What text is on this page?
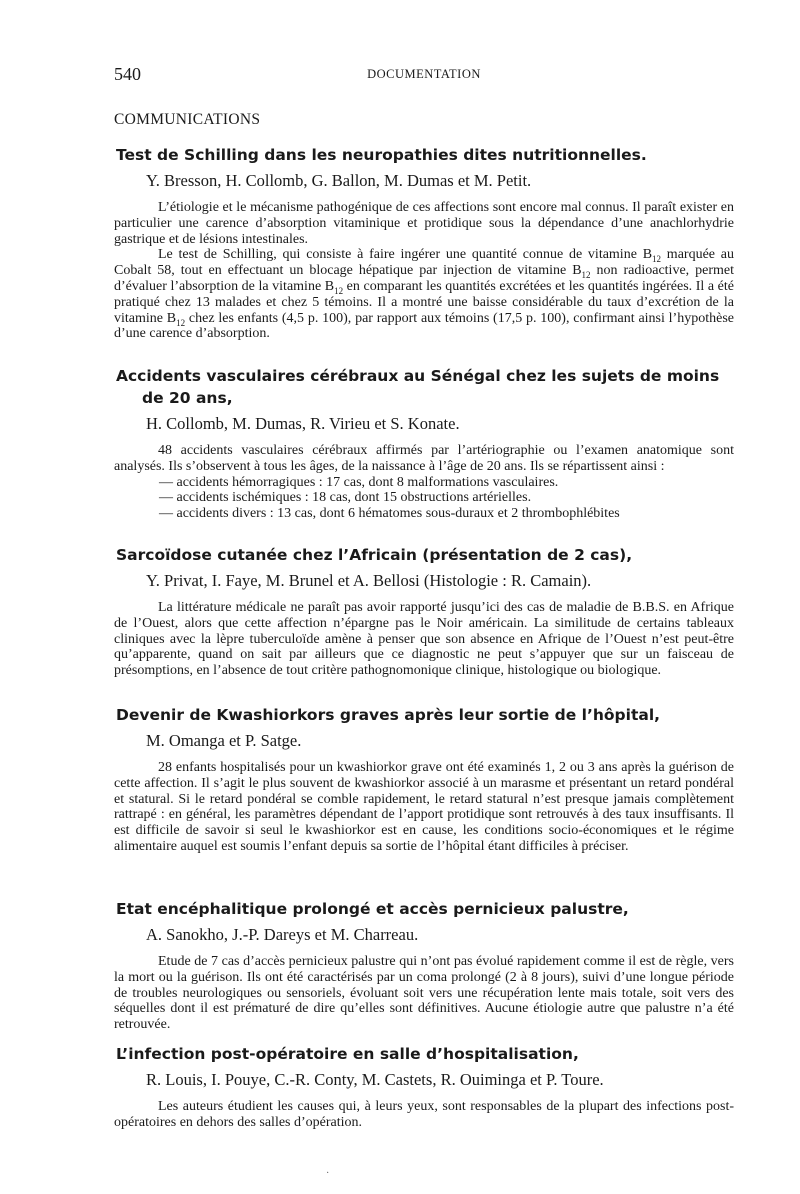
540	DOCUMENTATION
COMMUNICATIONS
Test de Schilling dans les neuropathies dites nutritionnelles.
Y. Bresson, H. Collomb, G. Ballon, M. Dumas et M. Petit.

L’étiologie et le mécanisme pathogénique de ces affections sont encore mal connus. Il paraît exister en particulier une carence d’absorption vitaminique et protidique sous la dépendance d’une anachlorhydrie gastrique et de lésions intestinales.

Le test de Schilling, qui consiste à faire ingérer une quantité connue de vitamine $B_{12}$ marquée au Cobalt 58, tout en effectuant un blocage hépatique par injection de vitamine $B_{12}$ non radioactive, permet d’évaluer l’absorption de la vitamine $B_{12}$ en comparant les quantités excrétées et les quantités ingérées. Il a été pratiqué chez 13 malades et chez 5 témoins. Il a montré une baisse considérable du taux d’excrétion de la vitamine $B_{12}$ chez les enfants (4,5 p. 100), par rapport aux témoins (17,5 p. 100), confirmant ainsi l’hypothèse d’une carence d’absorption.

Accidents vasculaires cérébraux au Sénégal chez les sujets de moins de 20 ans,
H. Collomb, M. Dumas, R. Virieu et S. Konate.

48 accidents vasculaires cérébraux affirmés par l’artériographie ou l’examen anatomique sont analysés. Ils s’observent à tous les âges, de la naissance à l’âge de 20 ans. Ils se répartissent ainsi :

— accidents hémorragiques : 17 cas, dont 8 malformations vasculaires.
— accidents ischémiques : 18 cas, dont 15 obstructions artérielles.
— accidents divers : 13 cas, dont 6 hématomes sous-duraux et 2 thrombophlébites
Sarcoïdose cutanée chez l’Africain (présentation de 2 cas),
Y. Privat, I. Faye, M. Brunel et A. Bellosi (Histologie : R. Camain).

La littérature médicale ne paraît pas avoir rapporté jusqu’ici des cas de maladie de B.B.S. en Afrique de l’Ouest, alors que cette affection n’épargne pas le Noir américain. La similitude de certains tableaux cliniques avec la lèpre tuberculoïde amène à penser que son absence en Afrique de l’Ouest n’est peut-être qu’apparente, quand on sait par ailleurs que ce diagnostic ne peut s’appuyer que sur un faisceau de présomptions, en l’absence de tout critère pathognomonique clinique, histologique ou biologique.

Devenir de Kwashiorkors graves après leur sortie de l’hôpital,
M. Omanga et P. Satge.

28 enfants hospitalisés pour un kwashiorkor grave ont été examinés 1, 2 ou 3 ans après la guérison de cette affection. Il s’agit le plus souvent de kwashiorkor associé à un marasme et présentant un retard pondéral et statural. Si le retard pondéral se comble rapidement, le retard statural n’est presque jamais complètement rattrapé : en général, les paramètres dépendant de l’apport protidique sont retrouvés à des taux insuffisants. Il est difficile de savoir si seul le kwashiorkor est en cause, les conditions socio-économiques et le régime alimentaire auquel est soumis l’enfant depuis sa sortie de l’hôpital étant difficiles à préciser.

Etat encéphalitique prolongé et accès pernicieux palustre,
A. Sanokho, J.-P. Dareys et M. Charreau.

Etude de 7 cas d’accès pernicieux palustre qui n’ont pas évolué rapidement comme il est de règle, vers la mort ou la guérison. Ils ont été caractérisés par un coma prolongé (2 à 8 jours), suivi d’une longue période de troubles neurologiques ou sensoriels, évoluant soit vers une récupération lente mais totale, soit vers des séquelles dont il est prématuré de dire qu’elles sont définitives. Aucune étiologie autre que palustre n’a été retrouvée.

L’infection post-opératoire en salle d’hospitalisation,
R. Louis, I. Pouye, C.-R. Conty, M. Castets, R. Ouiminga et P. Toure.

Les auteurs étudient les causes qui, à leurs yeux, sont responsables de la plupart des infections post-opératoires en dehors des salles d’opération.

·
